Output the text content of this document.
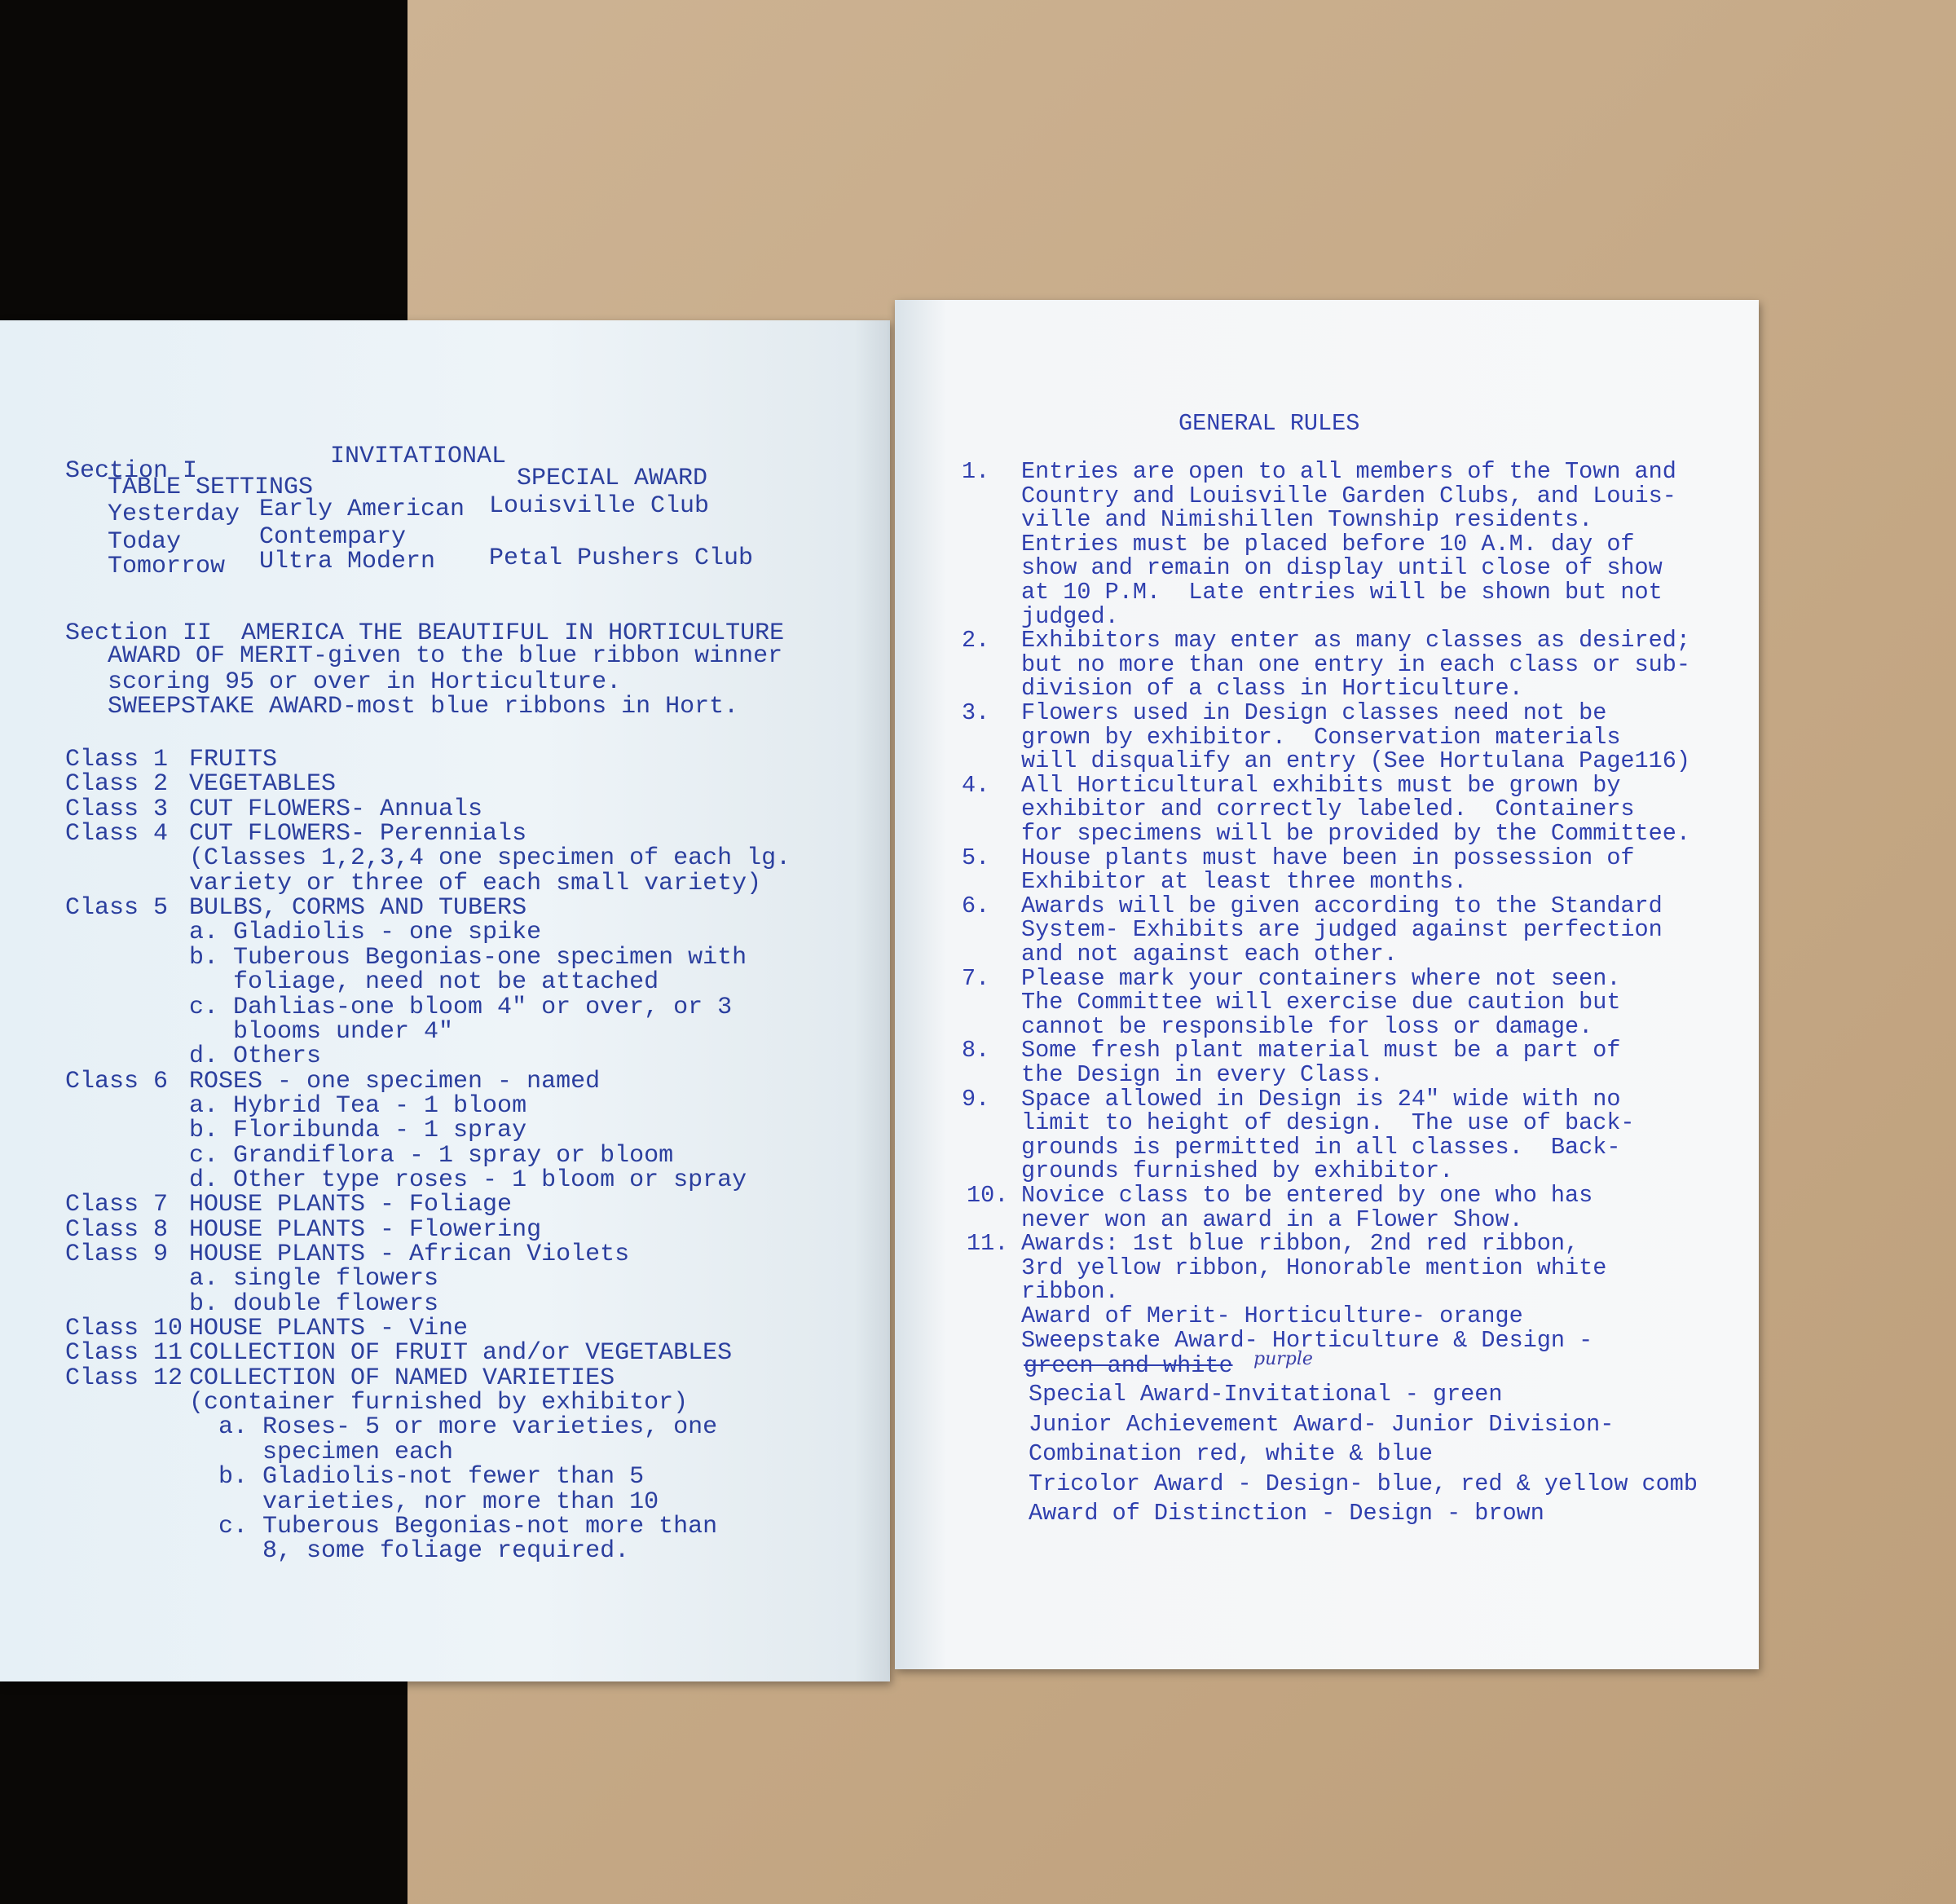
Section I
INVITATIONAL
TABLE SETTINGS	SPECIAL AWARD
Yesterday Early American Louisville Club
Today	Contempary
Tomorrow Ultra Modern Petal Pushers Club
Section II  AMERICA THE BEAUTIFUL IN HORTICULTURE
AWARD OF MERIT-given to the blue ribbon winner
scoring 95 or over in Horticulture.
SWEEPSTAKE AWARD-most blue ribbons in Hort.
Class 1 FRUITS
Class 2 VEGETABLES
Class 3 CUT FLOWERS- Annuals
Class 4 CUT FLOWERS- Perennials
(Classes 1,2,3,4 one specimen of each lg.
variety or three of each small variety)
Class 5 BULBS, CORMS AND TUBERS
a. Gladiolis - one spike
b. Tuberous Begonias-one specimen with
foliage, need not be attached
c. Dahlias-one bloom 4" or over, or 3
blooms under 4"
d. Others
Class 6 ROSES - one specimen - named
a. Hybrid Tea - 1 bloom
b. Floribunda - 1 spray
c. Grandiflora - 1 spray or bloom
d. Other type roses - 1 bloom or spray
Class 7 HOUSE PLANTS - Foliage
Class 8 HOUSE PLANTS - Flowering
Class 9 HOUSE PLANTS - African Violets
a. single flowers
b. double flowers
Class 10 HOUSE PLANTS - Vine
Class 11 COLLECTION OF FRUIT and/or VEGETABLES
Class 12 COLLECTION OF NAMED VARIETIES
(container furnished by exhibitor)
a. Roses- 5 or more varieties, one
specimen each
b. Gladiolis-not fewer than 5
varieties, nor more than 10
c. Tuberous Begonias-not more than
8, some foliage required.
GENERAL RULES
1. Entries are open to all members of the Town and
Country and Louisville Garden Clubs, and Louis-
ville and Nimishillen Township residents.
Entries must be placed before 10 A.M. day of
show and remain on display until close of show
at 10 P.M.  Late entries will be shown but not
judged.
2. Exhibitors may enter as many classes as desired;
but no more than one entry in each class or sub-
division of a class in Horticulture.
3. Flowers used in Design classes need not be
grown by exhibitor.  Conservation materials
will disqualify an entry (See Hortulana Page116)
4. All Horticultural exhibits must be grown by
exhibitor and correctly labeled.  Containers
for specimens will be provided by the Committee.
5. House plants must have been in possession of
Exhibitor at least three months.
6. Awards will be given according to the Standard
System- Exhibits are judged against perfection
and not against each other.
7. Please mark your containers where not seen.
The Committee will exercise due caution but
cannot be responsible for loss or damage.
8. Some fresh plant material must be a part of
the Design in every Class.
9. Space allowed in Design is 24" wide with no
limit to height of design.  The use of back-
grounds is permitted in all classes.  Back-
grounds furnished by exhibitor.
10. Novice class to be entered by one who has
never won an award in a Flower Show.
11. Awards: 1st blue ribbon, 2nd red ribbon,
3rd yellow ribbon, Honorable mention white
ribbon.
Award of Merit- Horticulture- orange
Sweepstake Award- Horticulture & Design -
green and white purple
Special Award-Invitational - green
Junior Achievement Award- Junior Division-
Combination red, white & blue
Tricolor Award - Design- blue, red & yellow comb
Award of Distinction - Design - brown
